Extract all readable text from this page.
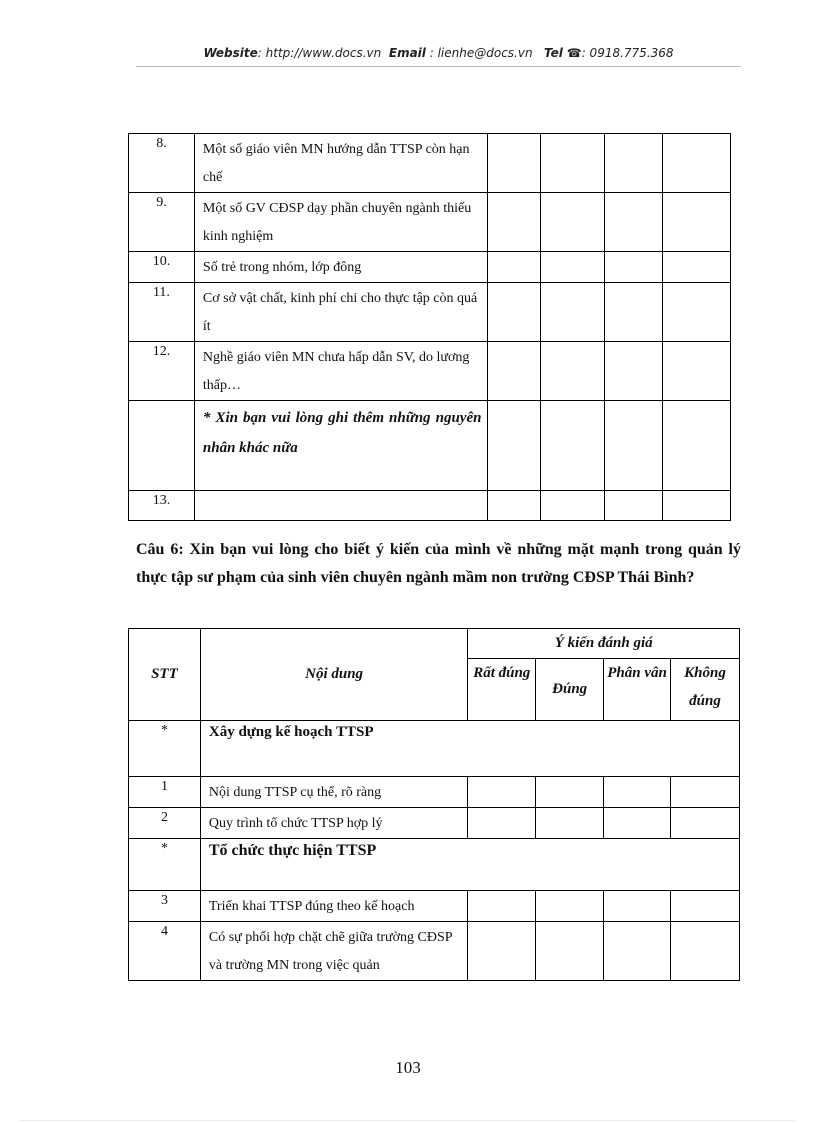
Website: http://www.docs.vn Email : lienhe@docs.vn Tel ☎: 0918.775.368
8.	Một số giáo viên MN hướng dẫn TTSP còn hạn chế				
9.	Một số GV CĐSP dạy phần chuyên ngành thiếu kinh nghiệm				
10.	Số trẻ trong nhóm, lớp đông				
11.	Cơ sở vật chất, kinh phí chi cho thực tập còn quá ít				
12.	Nghề giáo viên MN chưa hấp dẫn SV, do lương thấp…				
	* Xin bạn vui lòng ghi thêm những nguyên nhân khác nữa				
13.					
Câu 6: Xin bạn vui lòng cho biết ý kiến của mình về những mặt mạnh trong quản lý thực tập sư phạm của sinh viên chuyên ngành mầm non trường CĐSP Thái Bình?
STT	Nội dung	Ý kiến đánh giá			
		Rất đúng	Đúng	Phân vân	Không đúng
*	Xây dựng kế hoạch TTSP				
1	Nội dung TTSP cụ thể, rõ ràng				
2	Quy trình tổ chức TTSP hợp lý				
*	Tổ chức thực hiện TTSP				
3	Triển khai TTSP đúng theo kế hoạch				
4	Có sự phối hợp chặt chẽ giữa trường CĐSP và trường MN trong việc quản				
103
